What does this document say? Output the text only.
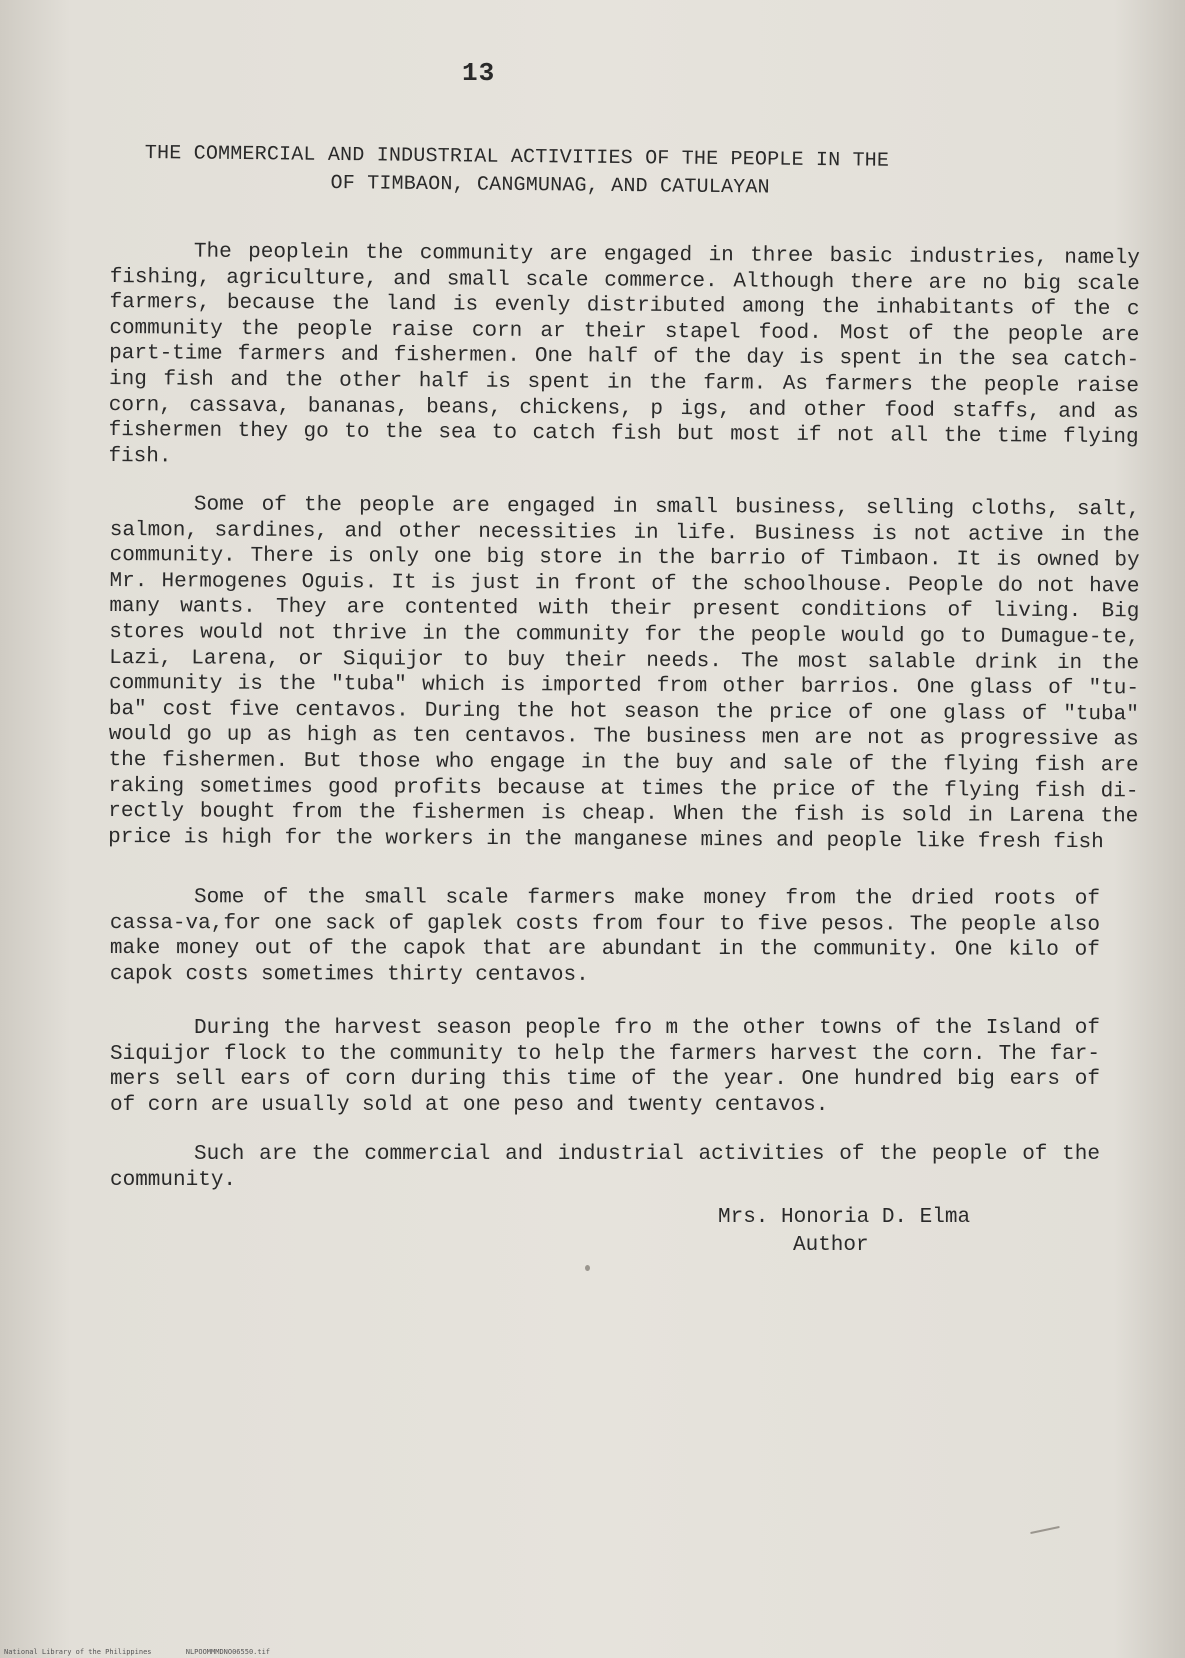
13
THE COMMERCIAL AND INDUSTRIAL ACTIVITIES OF THE PEOPLE IN THE
OF TIMBAON, CANGMUNAG, AND CATULAYAN

The peoplein the community are engaged in three basic industries, namely fishing, agriculture, and small scale commerce. Although there are no big scale farmers, because the land is evenly distributed among the inhabitants of the c community the people raise corn ar their stapel food. Most of the people are part-time farmers and fishermen. One half of the day is spent in the sea catch-ing fish and the other half is spent in the farm. As farmers the people raise corn, cassava, bananas, beans, chickens, p igs, and other food staffs, and as fishermen they go to the sea to catch fish but most if not all the time flying fish.

Some of the people are engaged in small business, selling cloths, salt, salmon, sardines, and other necessities in life. Business is not active in the community. There is only one big store in the barrio of Timbaon. It is owned by Mr. Hermogenes Oguis. It is just in front of the schoolhouse. People do not have many wants. They are contented with their present conditions of living. Big stores would not thrive in the community for the people would go to Dumague-te, Lazi, Larena, or Siquijor to buy their needs. The most salable drink in the community is the "tuba" which is imported from other barrios. One glass of "tu-ba" cost five centavos. During the hot season the price of one glass of "tuba" would go up as high as ten centavos. The business men are not as progressive as the fishermen. But those who engage in the buy and sale of the flying fish are raking sometimes good profits because at times the price of the flying fish di-rectly bought from the fishermen is cheap. When the fish is sold in Larena the price is high for the workers in the manganese mines and people like fresh fish

Some of the small scale farmers make money from the dried roots of cassa-va,for one sack of gaplek costs from four to five pesos. The people also make money out of the capok that are abundant in the community. One kilo of capok costs sometimes thirty centavos.

During the harvest season people fro m the other towns of the Island of Siquijor flock to the community to help the farmers harvest the corn. The far-mers sell ears of corn during this time of the year. One hundred big ears of of corn are usually sold at one peso and twenty centavos.

Such are the commercial and industrial activities of the people of the community.

Mrs. Honoria D. Elma
Author
National Library of the Philippines	NLPOOMMMDNO06550.tif
